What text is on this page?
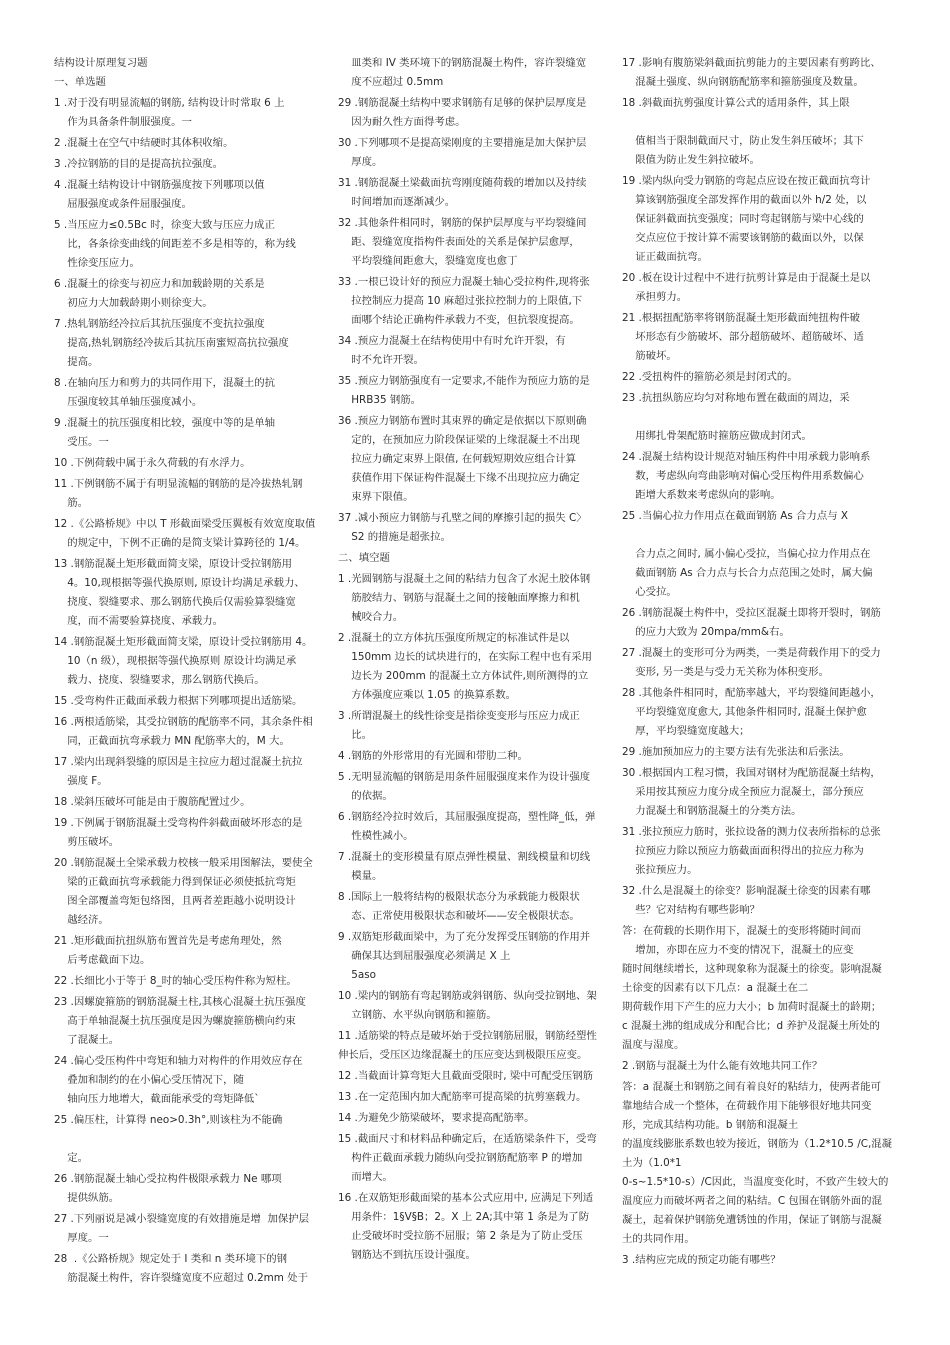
结构设计原理复习题
一、单选题
1 .对于没有明显流幅的钢筋, 结构设计时常取 6 上
作为具备条件制服强度。一
2 .混凝土在空气中结硬时其体积收缩。
3 .冷拉钢筋的目的是提高抗拉强度。
4 .混凝土结构设计中钢筋强度按下列哪项以值
屈服强度或条件屈服强度。
5 .当压应力≤0.5Bc 时，徐变大致与压应力成正
比，各条徐变曲线的间距差不多是相等的，称为线
性徐变压应力。
6 .混凝土的徐变与初应力和加载龄期的关系是
初应力大加载龄期小则徐变大。
7 .热轧钢筋经冷拉后其抗压强度不变抗拉强度
提高,热轧钢筋经冷拔后其抗压南蜜短高抗拉强度
提高。
8 .在轴向压力和剪力的共同作用下，混凝土的抗
压强度较其单轴压强度减小。
9 .混凝土的抗压强度相比较，强度中等的是单轴
受压。一
10 .下例荷载中属于永久荷载的有水浮力。
11 .下例钢筋不属于有明显流幅的钢筋的是冷拔热轧钢
筋。
12 .《公路桥规》中以 T 形截面梁受压翼板有效宽度取值
的规定中，下例不正确的是简支梁计算跨径的 1/4。
13 .钢筋混凝土矩形截面简支梁，原设计受拉钢筋用
4。10,现根据等强代换原则, 原设计均满足承载力、
挠度、裂缝要求、那么钢筋代换后仅需验算裂缝宽
度，而不需要验算挠度、承载力。
14 .钢筋混凝土矩形截面简支梁，原设计受拉钢筋用 4。
10（n 级），现根据等强代换原则 原设计均满足承
载力、挠度、裂缝要求，那么钢筋代换后。
15 .受弯构件正截面承载力根据下列哪项提出适筋梁。
16 .两根适筋梁，其受拉钢筋的配筋率不同，其余条件相
同，正截面抗弯承载力 MN 配筋率大的，M 大。
17 .梁内出现斜裂缝的原因是主拉应力超过混凝土抗拉
强度 F。
18 .梁斜压破坏可能是由于腹筋配置过少。
19 .下例属于钢筋混凝土受弯构件斜截面破坏形态的是
剪压破坏。
20 .钢筋混凝土全梁承载力校核一般采用图解法，要使全
梁的正截面抗弯承载能力得到保证必须使抵抗弯矩
图全部覆盖弯矩包络图，且两者差距越小说明设计
越经济。
21 .矩形截面抗扭纵筋布置首先是考虑角理处，然
后考虑截面下边。
22 .长细比小于等于 8_时的轴心受压构件称为短柱。
23 .因螺旋箍筋的钢筋混凝土柱,其核心混凝土抗压强度
高于单轴混凝土抗压强度是因为螺旋箍筋横向约束
了混凝土。
24 .偏心受压构件中弯矩和轴力对构件的作用效应存在
叠加和制约的在小偏心受压情况下，随
轴向压力地增大，截面能承受的弯矩降低`
25 .偏压柱，计算得 neo>0.3h°,则该柱为不能确

定。
26 .钢筋混凝土轴心受拉构件极限承载力 Ne 哪项
提供纵筋。
27 .下列丽说是减小裂缝宽度的有效措施是增  加保护层
厚度。一
28  .《公路桥规》规定处于 I 类和 n 类环境下的钢
筋混凝土构件，容许裂缝宽度不应超过 0.2mm 处于
皿类和 IV 类环境下的钢筋混凝土构件，容许裂缝宽
度不应超过 0.5mm
29 .钢筋混凝土结构中要求钢筋有足够的保护层厚度是
因为耐久性方面得考虑。
30 .下列哪项不是提高梁刚度的主要措施是加大保护层
厚度。
31 .钢筋混凝土梁截面抗弯刚度随荷载的增加以及持续
时间增加而逐渐减少。
32 .其他条件相同时，钢筋的保护层厚度与平均裂缝间
距、裂缝宽度指构件表面处的关系是保护层愈厚，
平均裂缝间距愈大，裂缝宽度也愈丁
33 .一根已设计好的预应力混凝土轴心受拉构件,现将张
拉控制应力提高 10 麻超过张拉控制力的上限值,下
面哪个结论正确构件承载力不变，但抗裂度提高。
34 .预应力混凝土在结构使用中有时允许开裂，有
时不允许开裂。
35 .预应力钢筋强度有一定要求,不能作为预应力筋的是
HRB35 钢筋。
36 .预应力钢筋布置时其束界的确定是依据以下原则确
定的，在预加应力阶段保证梁的上缘混凝土不出现
拉应力确定束界上限值, 在何载短期效应组合计算
获值作用下保证构件混凝土下缘不出现拉应力确定
束界下限值。
37 .减小预应力钢筋与孔壁之间的摩擦引起的损失 C〉
S2 的措施是超张拉。
二、填空题
1 .光圆钢筋与混凝土之间的粘结力包含了水泥土胶体钢
筋胶结力、钢筋与混凝土之间的接触面摩擦力和机
械咬合力。
2 .混凝土的立方体抗压强度所规定的标准试件是以
150mm 边长的试块进行的，在实际工程中也有采用
边长为 200mm 的混凝土立方体试件,则所测得的立
方体强度应乘以 1.05 的换算系数。
3 .所谓混凝土的线性徐变是指徐变变形与压应力成正
比。
4 .钢筋的外形常用的有光圆和带肋二种。
5 .无明显流幅的钢筋是用条件屈服强度来作为设计强度
的依据。
6 .钢筋经冷拉时效后，其屈服强度提高，塑性降_低，弹
性模性减小。
7 .混凝土的变形模量有原点弹性模量、割线模量和切线
模量。
8 .国际上一般将结构的极限状态分为承载能力极限状
态、正常使用极限状态和破坏——安全极限状态。
9 .双筋矩形截面梁中，为了充分发挥受压钢筋的作用并
确保其达到屈服强度必须满足 X 上
5aso
10 .梁内的钢筋有弯起钢筋或斜钢筋、纵向受拉钢地、架
立钢筋、水平纵向钢筋和箍筋。
11 .适筋梁的特点是破坏始于受拉钢筋屈服，钢筋经塑性
伸长后，受压区边缘混凝土的压应变达到极限压应变。
12 .当截面计算弯矩大且截面受限时, 梁中可配受压钢筋
13 .在一定范围内加大配筋率可提高梁的抗剪塞载力。
14 .为避免少筋梁破坏，要求提高配筋率。
15 .截面尺寸和材料品种确定后，在适筋梁条件下，受弯
构件正截面承载力随纵向受拉钢筋配筋率 P 的增加
而增大。
16 .在双筋矩形截面梁的基本公式应用中, 应满足下列适
用条件：1§V§B；2。X 上 2A;其中第 1 条是为了防
止受破坏时受拉筋不屈服；第 2 条是为了防止受压
钢筋达不到抗压设计强度。
17 .影响有腹筋梁斜截面抗剪能力的主要因素有剪跨比、
混凝土强度、纵向钢筋配筋率和箍筋强度及数量。
18 .斜截面抗剪强度计算公式的适用条件，其上限

值相当于限制截面尺寸，防止发生斜压破坏；其下
限值为防止发生斜拉破坏。
19 .梁内纵向受力钢筋的弯起点应设在按正截面抗弯计
算该钢筋强度全部发挥作用的截面以外 h/2 处，以
保证斜截面抗变强度；同时弯起钢筋与梁中心线的
交点应位于按计算不需要该钢筋的截面以外，以保
证正截面抗弯。
20 .板在设计过程中不进行抗剪计算是由于混凝土是以
承担剪力。
21 .根据扭配筋率将钢筋混凝土矩形截面纯扭构件破
坏形态有少筋破坏、部分超筋破坏、超筋破坏、适
筋破坏。
22 .受扭构件的箍筋必须是封闭式的。
23 .抗扭纵筋应均匀对称地布置在截面的周边，采

用绑扎骨架配筋时箍筋应做成封闭式。
24 .混凝土结构设计规范对轴压构件中用承载力影响系
数，考虑纵向弯曲影响对偏心受压构件用系数偏心
距增大系数来考虑纵向的影响。
25 .当偏心拉力作用点在截面钢筋 As 合力点与 X

合力点之间时, 属小偏心受拉，当偏心拉力作用点在
截面钢筋 As 合力点与长合力点范围之处时，属大偏
心受拉。
26 .钢筋混凝土构件中，受拉区混凝土即将开裂时，钢筋
的应力大致为 20mpa/mm&右。
27 .混凝土的变形可分为两类，一类是荷载作用下的受力
变形, 另一类是与受力无关称为体积变形。
28 .其他条件相同时，配筋率越大，平均裂缝间距越小，
平均裂缝宽度愈大, 其他条件相同时, 混凝土保护愈
厚，平均裂缝宽度越大；
29 .施加预加应力的主要方法有先张法和后张法。
30 .根据国内工程习惯，我国对钢材为配筋混凝土结构，
采用按其预应力度分成全预应力混凝土，部分预应
力混凝土和钢筋混凝土的分类方法。
31 .张拉预应力筋时，张拉设备的测力仪表所指标的总张
拉预应力除以预应力筋截面面积得出的拉应力称为
张拉预应力。
32 .什么是混凝土的徐变？影响混凝土徐变的因素有哪
些？它对结构有哪些影响？
答：在荷载的长期作用下，混凝土的变形将随时间而
增加，亦即在应力不变的情况下，混凝土的应变
随时间继续增长，这种现象称为混凝土的徐变。影响混凝
土徐变的因素有以下几点：a 混凝土在二
期荷载作用下产生的应力大小；b 加荷时混凝土的龄期；
c 混凝土沸的组成成分和配合比；d 养护及混凝土所处的
温度与湿度。
2 .钢筋与混凝土为什么能有效地共同工作？
答：a 混凝土和钢筋之间有着良好的粘结力，使两者能可
靠地结合成一个整体，在荷载作用下能够很好地共同变
形，完成其结构功能。b 钢筋和混凝土
的温度线膨胀系数也较为接近，钢筋为（1.2*10.5 /C,混凝
土为（1.0*1
0-s~1.5*10-s）/C因此，当温度变化时，不致产生较大的
温度应力而破坏两者之间的粘结。C 包围在钢筋外面的混
凝土，起着保护钢筋免遭锈蚀的作用，保证了钢筋与混凝
土的共同作用。
3 .结构应完成的预定功能有哪些？
